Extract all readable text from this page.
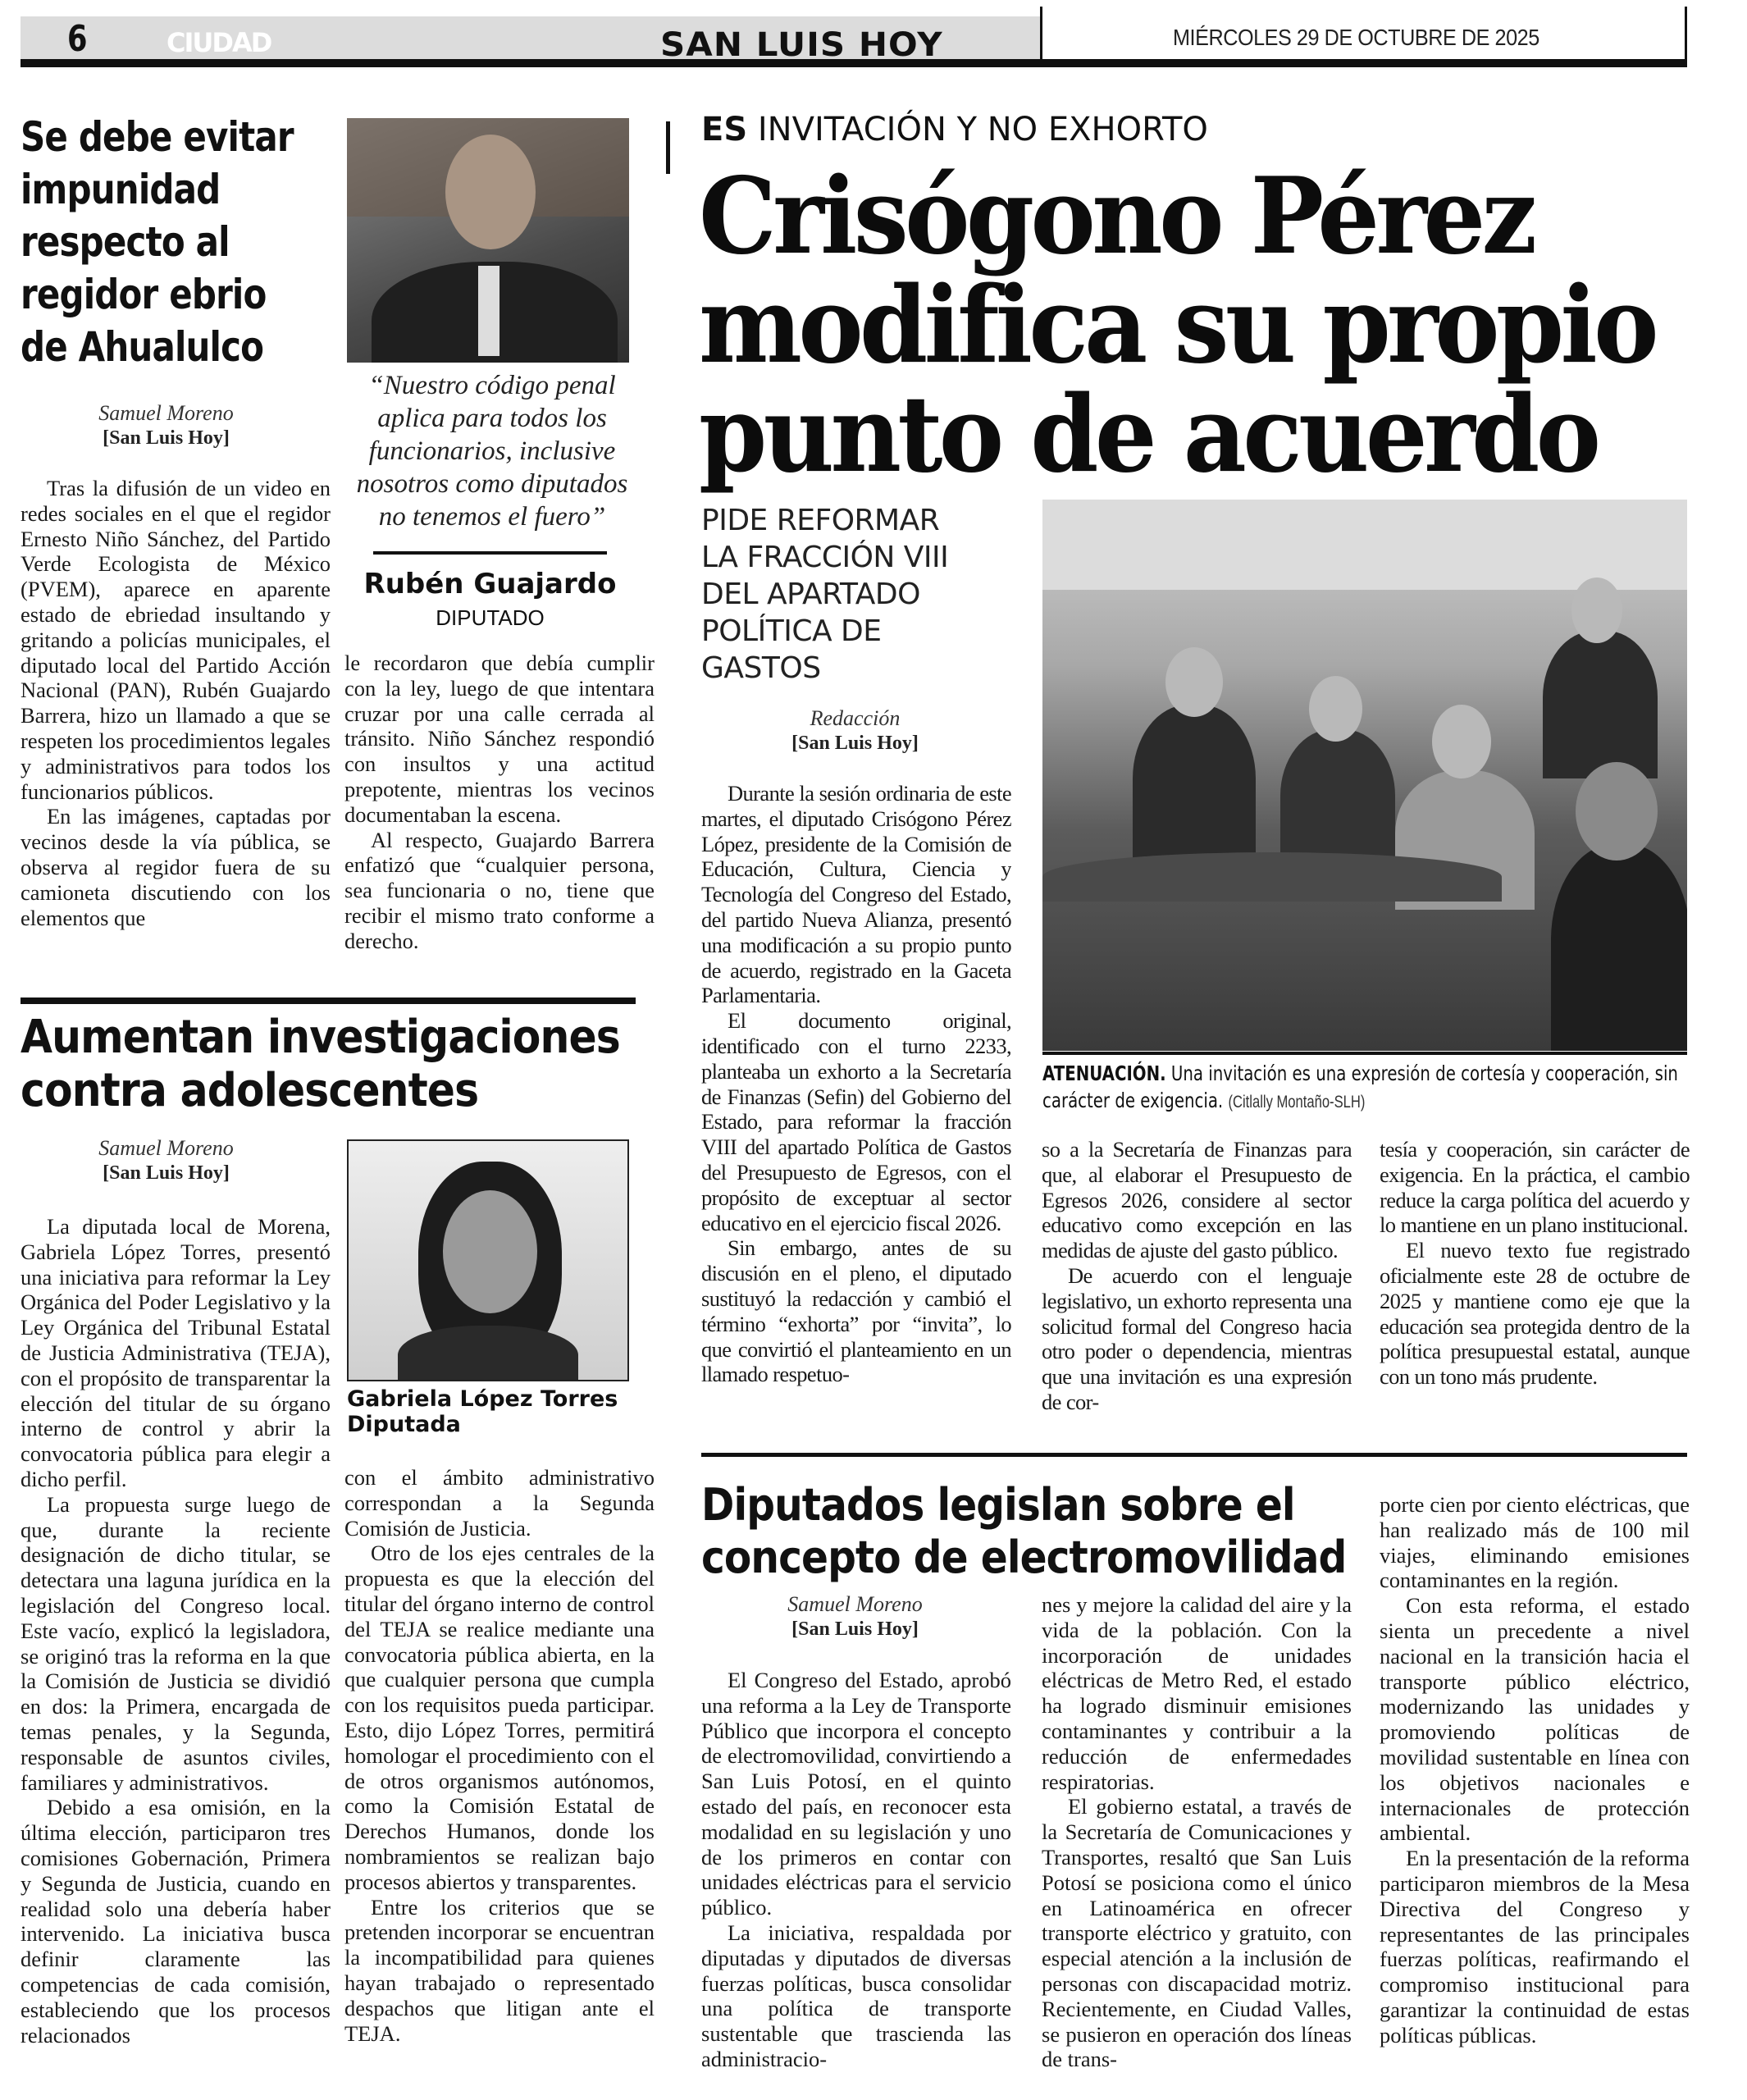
6	CIUDAD	SAN LUIS HOY	MIÉRCOLES 29 DE OCTUBRE DE 2025
Se debe evitar impunidad respecto al regidor ebrio de Ahualulco
“Nuestro código penal aplica para todos los funcionarios, inclusive nosotros como diputados no tenemos el fuero”
Rubén Guajardo
DIPUTADO
Samuel Moreno
[San Luis Hoy]

Tras la difusión de un video en redes sociales en el que el regidor Ernesto Niño Sánchez, del Partido Verde Ecologista de México (PVEM), aparece en aparente estado de ebriedad insultando y gritando a policías municipales, el diputado local del Partido Acción Nacional (PAN), Rubén Guajardo Barrera, hizo un llamado a que se respeten los procedimientos legales y administrativos para todos los funcionarios públicos.

En las imágenes, captadas por vecinos desde la vía pública, se observa al regidor fuera de su camioneta discutiendo con los elementos que

le recordaron que debía cumplir con la ley, luego de que intentara cruzar por una calle cerrada al tránsito. Niño Sánchez respondió con insultos y una actitud prepotente, mientras los vecinos documentaban la escena.

Al respecto, Guajardo Barrera enfatizó que “cualquier persona, sea funcionaria o no, tiene que recibir el mismo trato conforme a derecho.

Aumentan investigaciones contra adolescentes
Samuel Moreno
[San Luis Hoy]
Gabriela López Torres
Diputada

La diputada local de Morena, Gabriela López Torres, presentó una iniciativa para reformar la Ley Orgánica del Poder Legislativo y la Ley Orgánica del Tribunal Estatal de Justicia Administrativa (TEJA), con el propósito de transparentar la elección del titular de su órgano interno de control y abrir la convocatoria pública para elegir a dicho perfil.

La propuesta surge luego de que, durante la reciente designación de dicho titular, se detectara una laguna jurídica en la legislación del Congreso local. Este vacío, explicó la legisladora, se originó tras la reforma en la que la Comisión de Justicia se dividió en dos: la Primera, encargada de temas penales, y la Segunda, responsable de asuntos civiles, familiares y administrativos.

Debido a esa omisión, en la última elección, participaron tres comisiones Gobernación, Primera y Segunda de Justicia, cuando en realidad solo una debería haber intervenido. La iniciativa busca definir claramente las competencias de cada comisión, estableciendo que los procesos relacionados

con el ámbito administrativo correspondan a la Segunda Comisión de Justicia.

Otro de los ejes centrales de la propuesta es que la elección del titular del órgano interno de control del TEJA se realice mediante una convocatoria pública abierta, en la que cualquier persona que cumpla con los requisitos pueda participar. Esto, dijo López Torres, permitirá homologar el procedimiento con el de otros organismos autónomos, como la Comisión Estatal de Derechos Humanos, donde los nombramientos se realizan bajo procesos abiertos y transparentes.

Entre los criterios que se pretenden incorporar se encuentran la incompatibilidad para quienes hayan trabajado o representado despachos que litigan ante el TEJA.

ES INVITACIÓN Y NO EXHORTO
Crisógono Pérez modifica su propio punto de acuerdo
PIDE REFORMAR LA FRACCIÓN VIII DEL APARTADO POLÍTICA DE GASTOS
Redacción
[San Luis Hoy]
ATENUACIÓN. Una invitación es una expresión de cortesía y cooperación, sin carácter de exigencia. (Citlally Montaño-SLH)

Durante la sesión ordinaria de este martes, el diputado Crisógono Pérez López, presidente de la Comisión de Educación, Cultura, Ciencia y Tecnología del Congreso del Estado, del partido Nueva Alianza, presentó una modificación a su propio punto de acuerdo, registrado en la Gaceta Parlamentaria.

El documento original, identificado con el turno 2233, planteaba un exhorto a la Secretaría de Finanzas (Sefin) del Gobierno del Estado, para reformar la fracción VIII del apartado Política de Gastos del Presupuesto de Egresos, con el propósito de exceptuar al sector educativo en el ejercicio fiscal 2026.

Sin embargo, antes de su discusión en el pleno, el diputado sustituyó la redacción y cambió el término “exhorta” por “invita”, lo que convirtió el planteamiento en un llamado respetuo-

so a la Secretaría de Finanzas para que, al elaborar el Presupuesto de Egresos 2026, considere al sector educativo como excepción en las medidas de ajuste del gasto público.

De acuerdo con el lenguaje legislativo, un exhorto representa una solicitud formal del Congreso hacia otro poder o dependencia, mientras que una invitación es una expresión de cor-

tesía y cooperación, sin carácter de exigencia. En la práctica, el cambio reduce la carga política del acuerdo y lo mantiene en un plano institucional.

El nuevo texto fue registrado oficialmente este 28 de octubre de 2025 y mantiene como eje que la educación sea protegida dentro de la política presupuestal estatal, aunque con un tono más prudente.

Diputados legislan sobre el concepto de electromovilidad
Samuel Moreno
[San Luis Hoy]

El Congreso del Estado, aprobó una reforma a la Ley de Transporte Público que incorpora el concepto de electromovilidad, convirtiendo a San Luis Potosí, en el quinto estado del país, en reconocer esta modalidad en su legislación y uno de los primeros en contar con unidades eléctricas para el servicio público.

La iniciativa, respaldada por diputadas y diputados de diversas fuerzas políticas, busca consolidar una política de transporte sustentable que trascienda las administracio-

nes y mejore la calidad del aire y la vida de la población. Con la incorporación de unidades eléctricas de Metro Red, el estado ha logrado disminuir emisiones contaminantes y contribuir a la reducción de enfermedades respiratorias.

El gobierno estatal, a través de la Secretaría de Comunicaciones y Transportes, resaltó que San Luis Potosí se posiciona como el único en Latinoamérica en ofrecer transporte eléctrico y gratuito, con especial atención a la inclusión de personas con discapacidad motriz. Recientemente, en Ciudad Valles, se pusieron en operación dos líneas de trans-

porte cien por ciento eléctricas, que han realizado más de 100 mil viajes, eliminando emisiones contaminantes en la región.

Con esta reforma, el estado sienta un precedente a nivel nacional en la transición hacia el transporte público eléctrico, modernizando las unidades y promoviendo políticas de movilidad sustentable en línea con los objetivos nacionales e internacionales de protección ambiental.

En la presentación de la reforma participaron miembros de la Mesa Directiva del Congreso y representantes de las principales fuerzas políticas, reafirmando el compromiso institucional para garantizar la continuidad de estas políticas públicas.
